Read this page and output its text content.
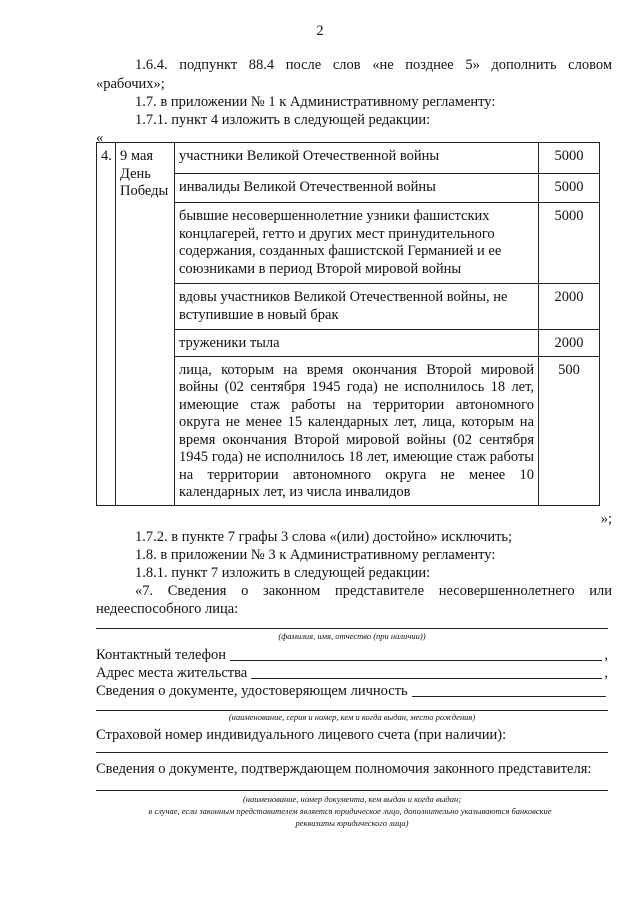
2
1.6.4. подпункт 88.4 после слов «не позднее 5» дополнить словом
«рабочих»;
1.7. в приложении № 1 к Административному регламенту:
1.7.1. пункт 4 изложить в следующей редакции:
«
4.	9 мая День Победы	участники Великой Отечественной войны	5000
		инвалиды Великой Отечественной войны	5000
		бывшие несовершеннолетние узники фашистских концлагерей, гетто и других мест принудительного содержания, созданных фашистской Германией и ее союзниками в период Второй мировой войны	5000
		вдовы участников Великой Отечественной войны, не вступившие в новый брак	2000
		труженики тыла	2000
		лица, которым на время окончания Второй мировой войны (02 сентября 1945 года) не исполнилось 18 лет, имеющие стаж работы на территории автономного округа не менее 15 календарных лет, лица, которым на время окончания Второй мировой войны (02 сентября 1945 года) не исполнилось 18 лет, имеющие стаж работы на территории автономного округа не менее 10 календарных лет, из числа инвалидов	500
»;
1.7.2. в пункте 7 графы 3 слова «(или) достойно» исключить;
1.8. в приложении № 3 к Административному регламенту:
1.8.1. пункт 7 изложить в следующей редакции:
«7. Сведения о законном представителе несовершеннолетнего или
недееспособного лица:
(фамилия, имя, отчество (при наличии))
Контактный телефон	,
Адрес места жительства	,
Сведения о документе, удостоверяющем личность
(наименование, серия и номер, кем и когда выдан, место рождения)
Страховой номер индивидуального лицевого счета (при наличии):
Сведения о документе, подтверждающем полномочия законного представителя:
(наименование, номер документа, кем выдан и когда выдан;
в случае, если законным представителем является юридическое лицо, дополнительно указываются банковские
реквизиты юридического лица)
